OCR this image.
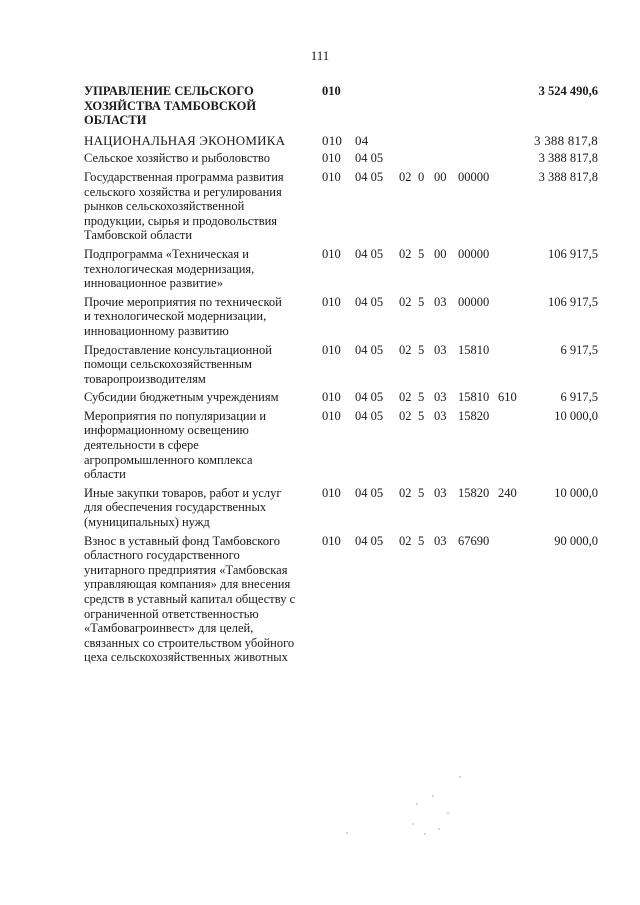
111
УПРАВЛЕНИЕ СЕЛЬСКОГО
ХОЗЯЙСТВА ТАМБОВСКОЙ
ОБЛАСТИ
010	3 524 490,6
НАЦИОНАЛЬНАЯ ЭКОНОМИКА	010 04	3 388 817,8
Сельское хозяйство и рыболовство	010 04 05	3 388 817,8
Государственная программа развития
сельского хозяйства и регулирования
рынков сельскохозяйственной
продукции, сырья и продовольствия
Тамбовской области
010 04 05 02 0 00 00000	3 388 817,8
Подпрограмма «Техническая и
технологическая модернизация,
инновационное развитие»
010 04 05 02 5 00 00000	106 917,5
Прочие мероприятия по технической
и технологической модернизации,
инновационному развитию
010 04 05 02 5 03 00000	106 917,5
Предоставление консультационной
помощи сельскохозяйственным
товаропроизводителям
010 04 05 02 5 03 15810	6 917,5
Субсидии бюджетным учреждениям	010 04 05 02 5 03 15810 610	6 917,5
Мероприятия по популяризации и
информационному освещению
деятельности в сфере
агропромышленного комплекса
области
010 04 05 02 5 03 15820	10 000,0
Иные закупки товаров, работ и услуг
для обеспечения государственных
(муниципальных) нужд
010 04 05 02 5 03 15820 240	10 000,0
Взнос в уставный фонд Тамбовского
областного государственного
унитарного предприятия «Тамбовская
управляющая компания» для внесения
средств в уставный капитал обществу с
ограниченной ответственностью
«Тамбовагроинвест» для целей,
связанных со строительством убойного
цеха сельскохозяйственных животных
010 04 05 02 5 03 67690	90 000,0
